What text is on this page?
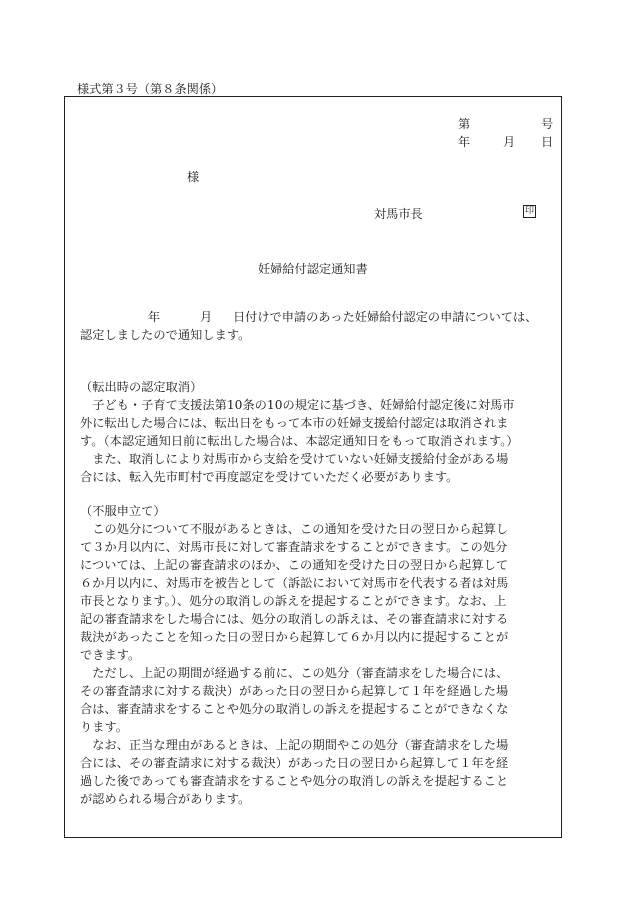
様式第３号（第８条関係）
第	号
年	月 日
様
対馬市長	印
妊婦給付認定通知書
年	月 日付けで申請のあった妊婦給付認定の申請については、
認定しましたので通知します。
（転出時の認定取消）
　子ども・子育て支援法第10条の10の規定に基づき、妊婦給付認定後に対馬市
外に転出した場合には、転出日をもって本市の妊婦支援給付認定は取消されま
す。（本認定通知日前に転出した場合は、本認定通知日をもって取消されます。）
　また、取消しにより対馬市から支給を受けていない妊婦支援給付金がある場
合には、転入先市町村で再度認定を受けていただく必要があります。
（不服申立て）
　この処分について不服があるときは、この通知を受けた日の翌日から起算し
て３か月以内に、対馬市長に対して審査請求をすることができます。この処分
については、上記の審査請求のほか、この通知を受けた日の翌日から起算して
６か月以内に、対馬市を被告として（訴訟において対馬市を代表する者は対馬
市長となります。）、処分の取消しの訴えを提起することができます。なお、上
記の審査請求をした場合には、処分の取消しの訴えは、その審査請求に対する
裁決があったことを知った日の翌日から起算して６か月以内に提起することが
できます。
　ただし、上記の期間が経過する前に、この処分（審査請求をした場合には、
その審査請求に対する裁決）があった日の翌日から起算して１年を経過した場
合は、審査請求をすることや処分の取消しの訴えを提起することができなくな
ります。
　なお、正当な理由があるときは、上記の期間やこの処分（審査請求をした場
合には、その審査請求に対する裁決）があった日の翌日から起算して１年を経
過した後であっても審査請求をすることや処分の取消しの訴えを提起すること
が認められる場合があります。
